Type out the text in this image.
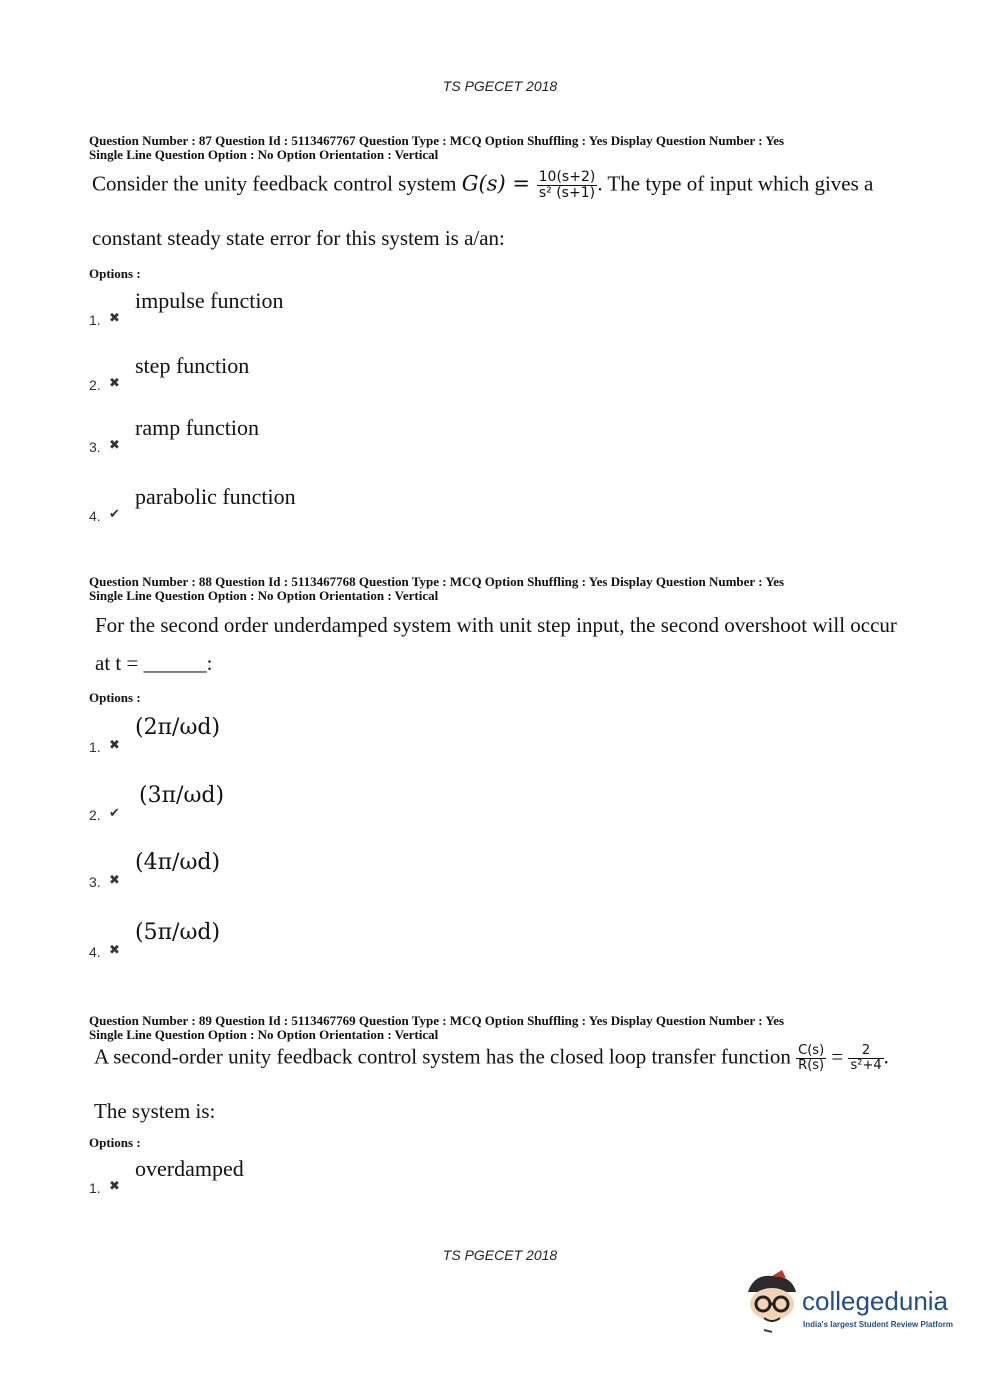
TS PGECET 2018
Question Number : 87 Question Id : 5113467767 Question Type : MCQ Option Shuffling : Yes Display Question Number : Yes
Single Line Question Option : No Option Orientation : Vertical
Consider the unity feedback control system $G(s) = \frac{10(s+2)}{\text{s² (s+1)}}$ . The type of input which gives a
constant steady state error for this system is a/an:
Options :
1. ✖
impulse function
2. ✖
step function
3. ✖
ramp function
4. ✔
parabolic function
Question Number : 88 Question Id : 5113467768 Question Type : MCQ Option Shuffling : Yes Display Question Number : Yes
Single Line Question Option : No Option Orientation : Vertical
For the second order underdamped system with unit step input, the second overshoot will occur
at t = ______:
Options :
1. ✖
(2π/ωd)
2. ✔
(3π/ωd)
3. ✖
(4π/ωd)
4. ✖
(5π/ωd)
Question Number : 89 Question Id : 5113467769 Question Type : MCQ Option Shuffling : Yes Display Question Number : Yes
Single Line Question Option : No Option Orientation : Vertical
A second-order unity feedback control system has the closed loop transfer function $\frac{C(s)}{R(s)} = \frac{2}{\text{s²+4}}$ .
The system is:
Options :
1. ✖
overdamped
TS PGECET 2018
collegedunia
India's largest Student Review Platform
